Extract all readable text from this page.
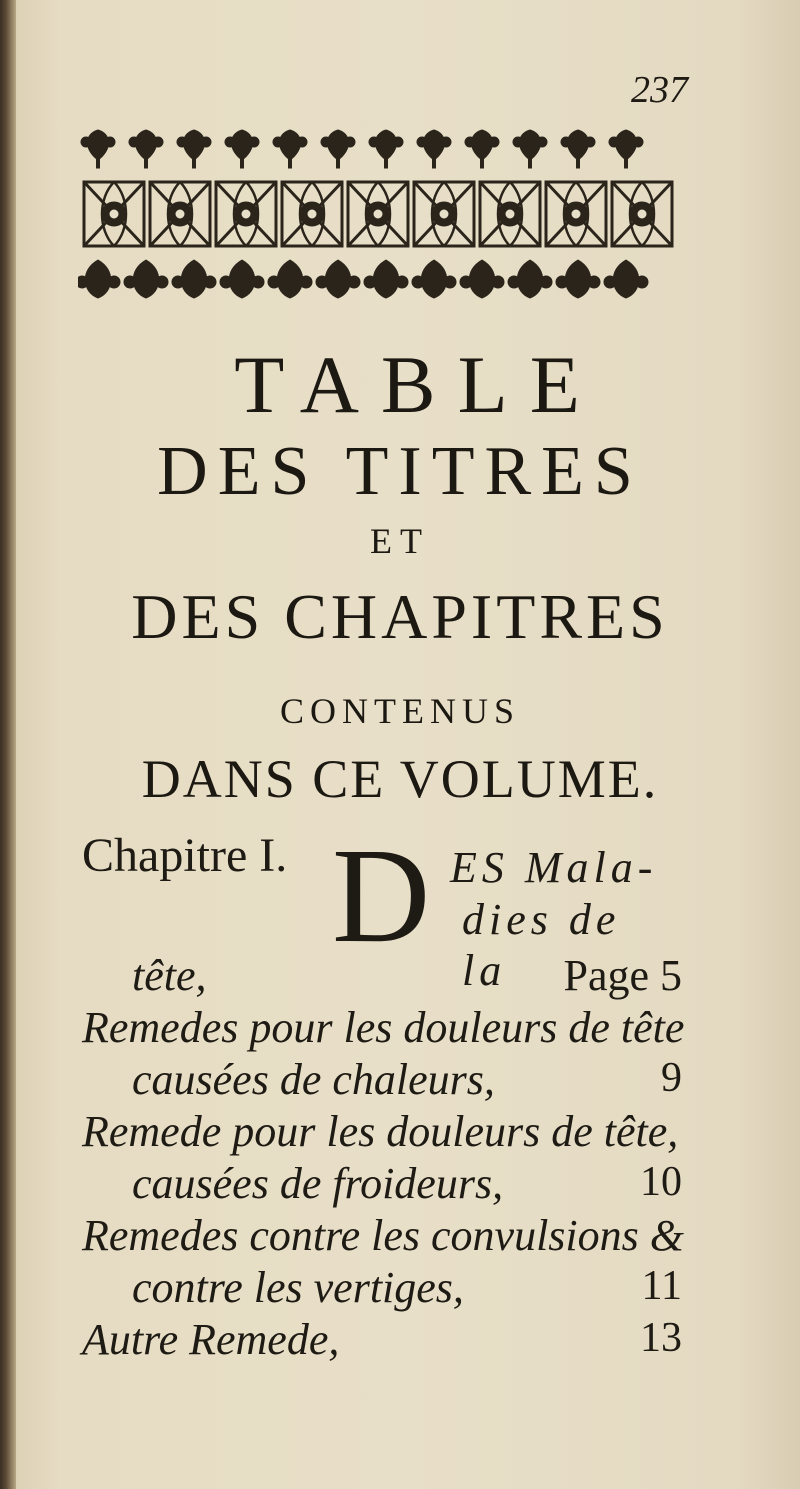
237
TABLE
DES TITRES
ET
DES CHAPITRES
CONTENUS
DANS CE VOLUME.
Chapitre I. D ES Mala-
dies de la
tête,	Page 5
Remedes pour les douleurs de tête
causées de chaleurs,	9
Remede pour les douleurs de tête,
causées de froideurs,	10
Remedes contre les convulsions &
contre les vertiges,	11
Autre Remede,	13
